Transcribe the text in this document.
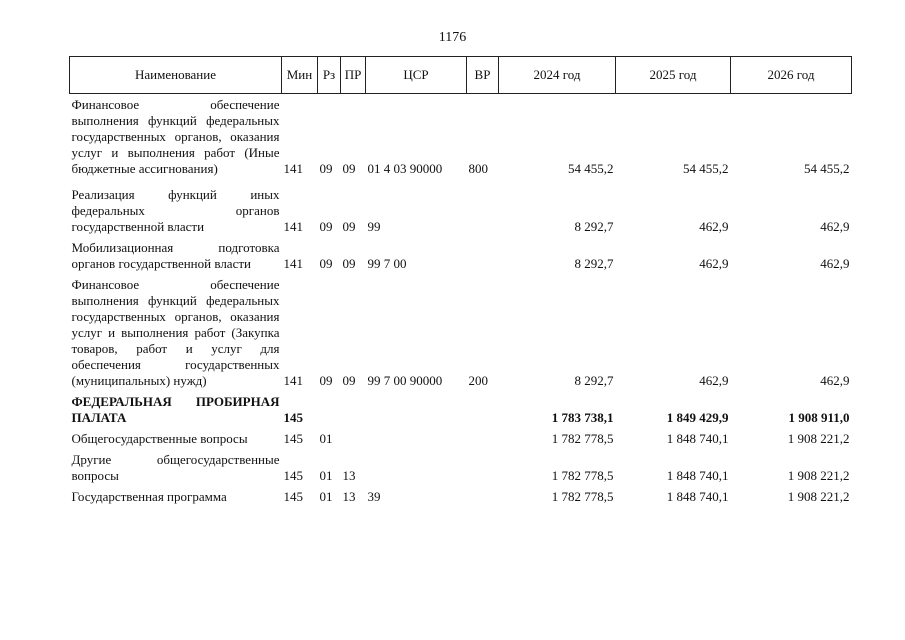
1176
Наименование	Мин	Рз	ПР	ЦСР	ВР	2024 год	2025 год	2026 год
Финансовое обеспечение выполнения функций федеральных государственных органов, оказания услуг и выполнения работ (Иные бюджетные ассигнования)	141	09	09	01 4 03 90000	800	54 455,2	54 455,2	54 455,2
Реализация функций иных федеральных органов государственной власти	141	09	09	99		8 292,7	462,9	462,9
Мобилизационная подготовка органов государственной власти	141	09	09	99 7 00		8 292,7	462,9	462,9
Финансовое обеспечение выполнения функций федеральных государственных органов, оказания услуг и выполнения работ (Закупка товаров, работ и услуг для обеспечения государственных (муниципальных) нужд)	141	09	09	99 7 00 90000	200	8 292,7	462,9	462,9
ФЕДЕРАЛЬНАЯ ПРОБИРНАЯ ПАЛАТА	145					1 783 738,1	1 849 429,9	1 908 911,0
Общегосударственные вопросы	145	01				1 782 778,5	1 848 740,1	1 908 221,2
Другие общегосударственные вопросы	145	01	13			1 782 778,5	1 848 740,1	1 908 221,2
Государственная программа	145	01	13	39		1 782 778,5	1 848 740,1	1 908 221,2
